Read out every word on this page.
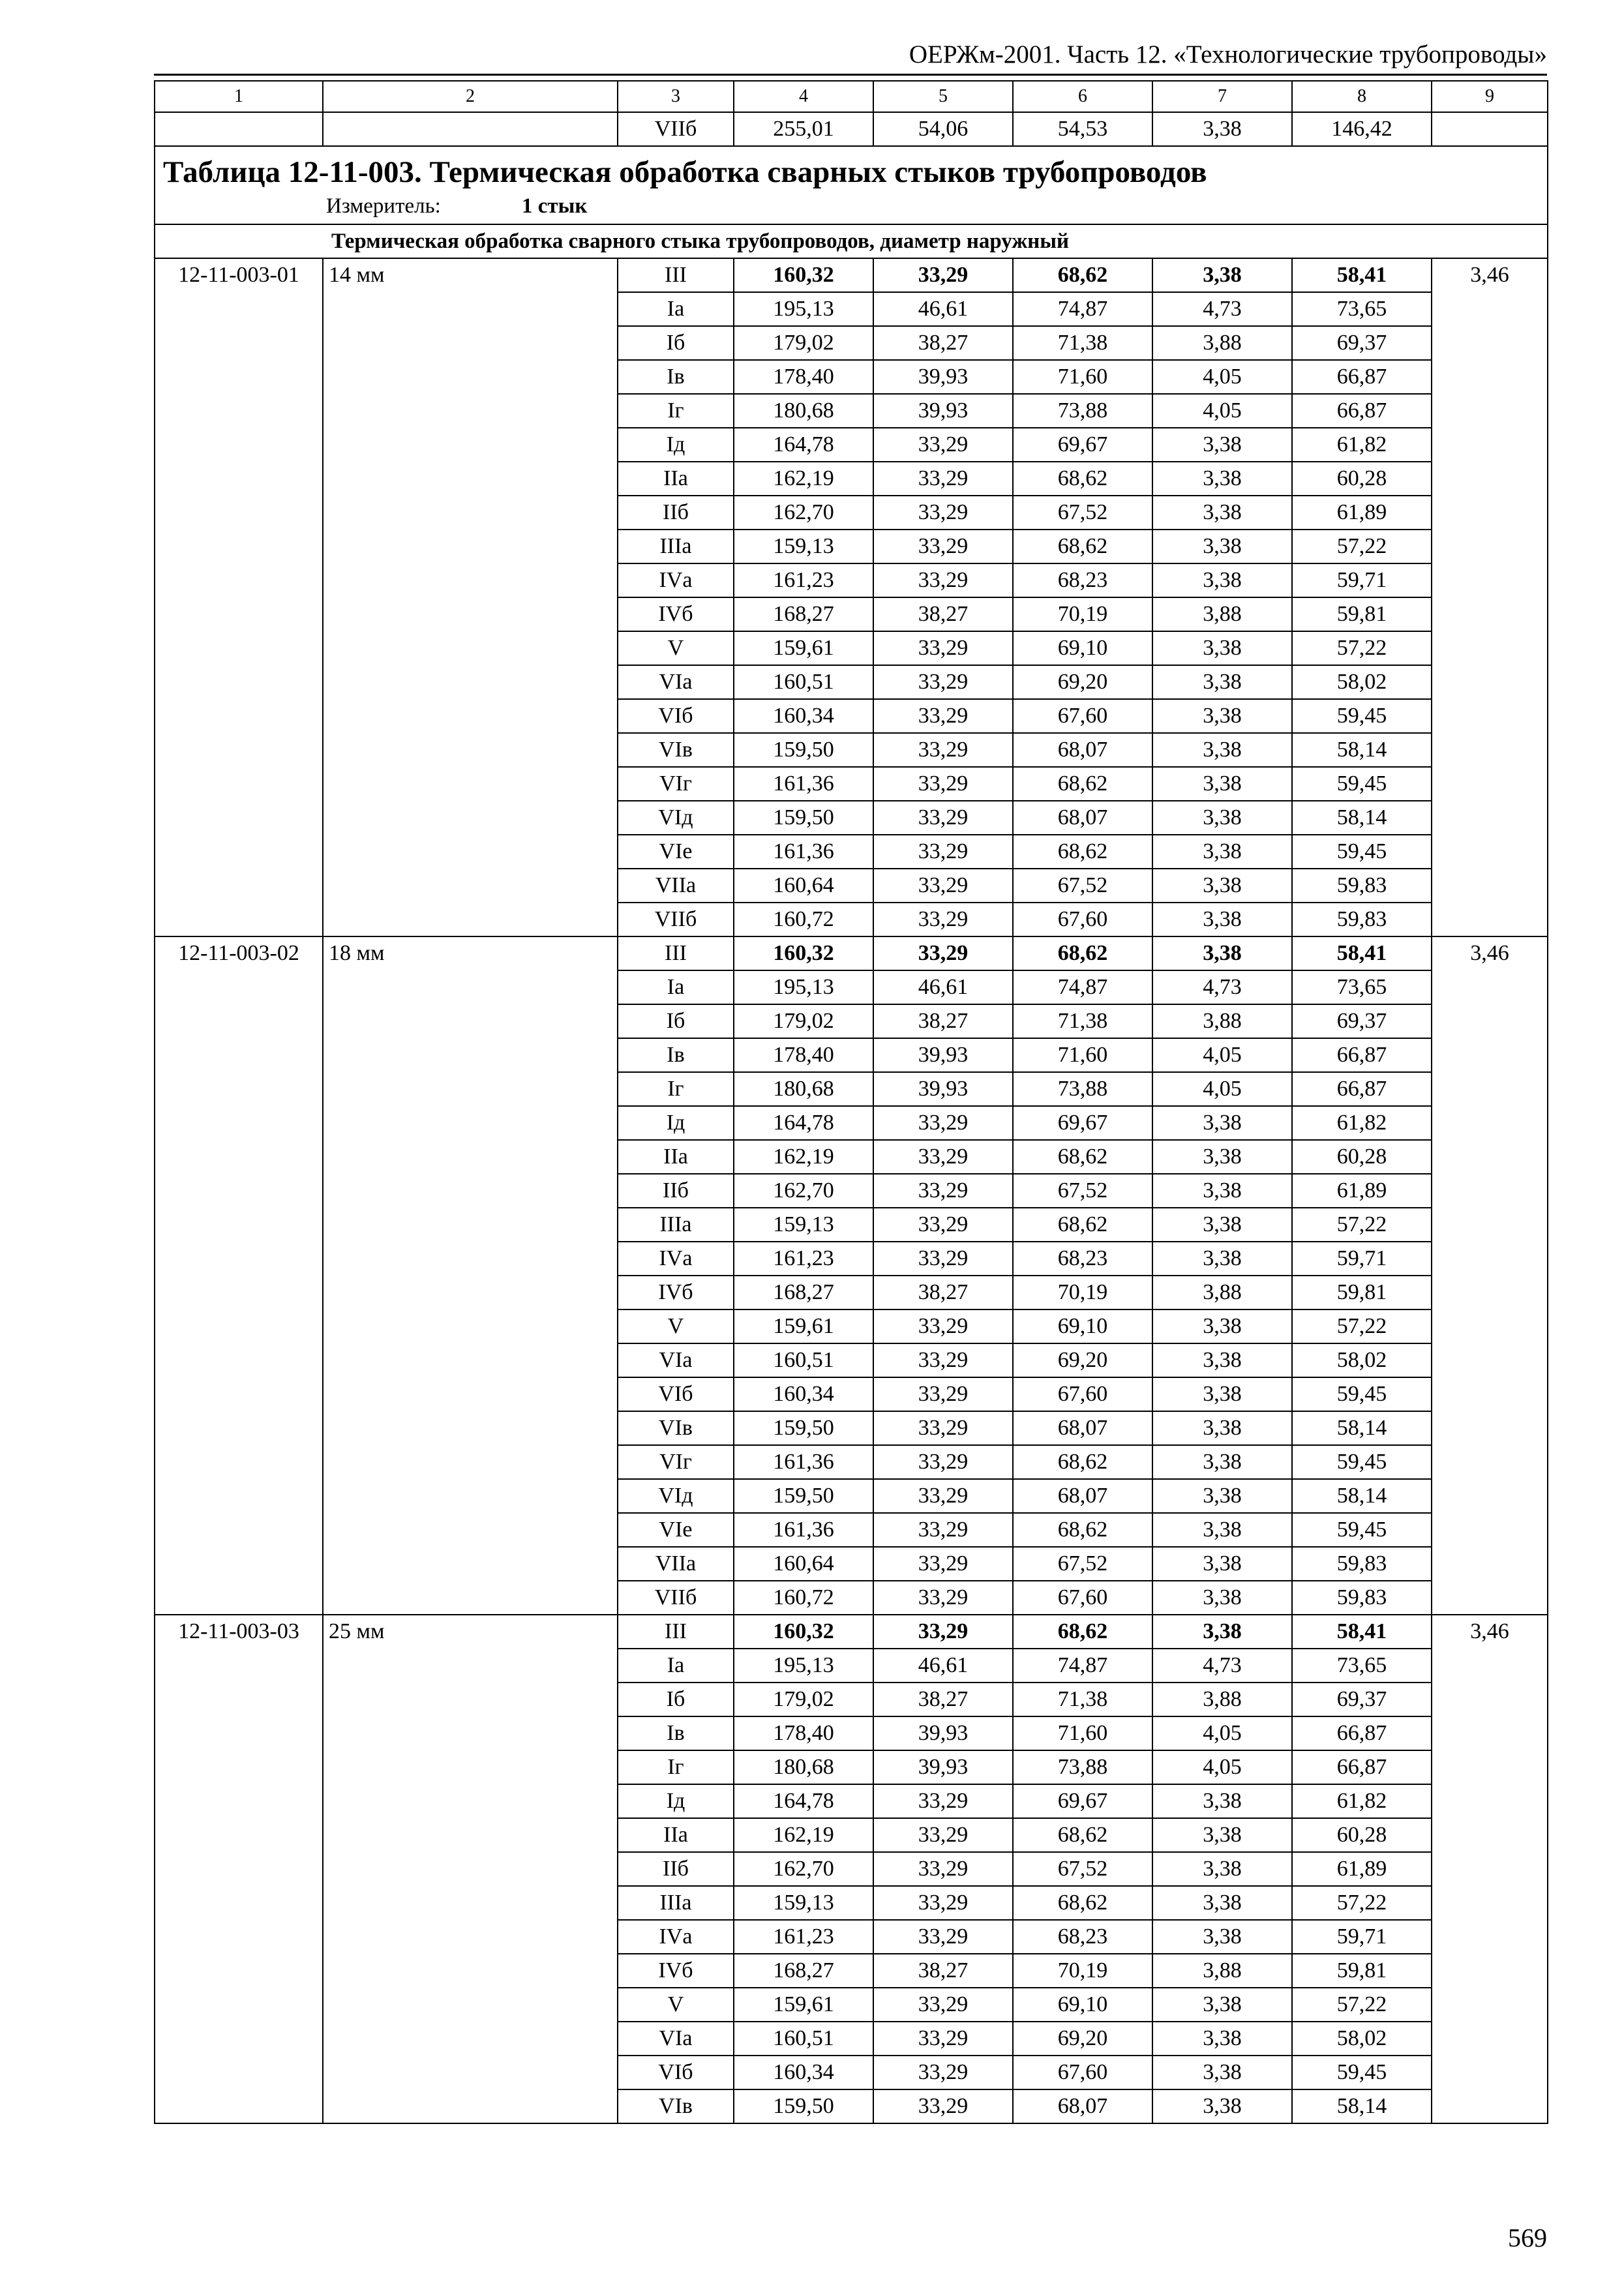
ОЕРЖм-2001. Часть 12. «Технологические трубопроводы»
1	2	3	4	5	6	7	8	9
		VIIб	255,01	54,06	54,53	3,38	146,42	

Таблица 12-11-003. Термическая обработка сварных стыков трубопроводов
Измеритель: 1 стык								

Термическая обработка сварного стыка трубопроводов, диаметр наружный								
12-11-003-01	14 мм	III	160,32	33,29	68,62	3,38	58,41	3,46
		Iа	195,13	46,61	74,87	4,73	73,65	
		Iб	179,02	38,27	71,38	3,88	69,37	
		Iв	178,40	39,93	71,60	4,05	66,87	
		Iг	180,68	39,93	73,88	4,05	66,87	
		Iд	164,78	33,29	69,67	3,38	61,82	
		IIа	162,19	33,29	68,62	3,38	60,28	
		IIб	162,70	33,29	67,52	3,38	61,89	
		IIIа	159,13	33,29	68,62	3,38	57,22	
		IVа	161,23	33,29	68,23	3,38	59,71	
		IVб	168,27	38,27	70,19	3,88	59,81	
		V	159,61	33,29	69,10	3,38	57,22	
		VIа	160,51	33,29	69,20	3,38	58,02	
		VIб	160,34	33,29	67,60	3,38	59,45	
		VIв	159,50	33,29	68,07	3,38	58,14	
		VIг	161,36	33,29	68,62	3,38	59,45	
		VIд	159,50	33,29	68,07	3,38	58,14	
		VIе	161,36	33,29	68,62	3,38	59,45	
		VIIа	160,64	33,29	67,52	3,38	59,83	
		VIIб	160,72	33,29	67,60	3,38	59,83	
12-11-003-02	18 мм	III	160,32	33,29	68,62	3,38	58,41	3,46
		Iа	195,13	46,61	74,87	4,73	73,65	
		Iб	179,02	38,27	71,38	3,88	69,37	
		Iв	178,40	39,93	71,60	4,05	66,87	
		Iг	180,68	39,93	73,88	4,05	66,87	
		Iд	164,78	33,29	69,67	3,38	61,82	
		IIа	162,19	33,29	68,62	3,38	60,28	
		IIб	162,70	33,29	67,52	3,38	61,89	
		IIIа	159,13	33,29	68,62	3,38	57,22	
		IVа	161,23	33,29	68,23	3,38	59,71	
		IVб	168,27	38,27	70,19	3,88	59,81	
		V	159,61	33,29	69,10	3,38	57,22	
		VIа	160,51	33,29	69,20	3,38	58,02	
		VIб	160,34	33,29	67,60	3,38	59,45	
		VIв	159,50	33,29	68,07	3,38	58,14	
		VIг	161,36	33,29	68,62	3,38	59,45	
		VIд	159,50	33,29	68,07	3,38	58,14	
		VIе	161,36	33,29	68,62	3,38	59,45	
		VIIа	160,64	33,29	67,52	3,38	59,83	
		VIIб	160,72	33,29	67,60	3,38	59,83	
12-11-003-03	25 мм	III	160,32	33,29	68,62	3,38	58,41	3,46
		Iа	195,13	46,61	74,87	4,73	73,65	
		Iб	179,02	38,27	71,38	3,88	69,37	
		Iв	178,40	39,93	71,60	4,05	66,87	
		Iг	180,68	39,93	73,88	4,05	66,87	
		Iд	164,78	33,29	69,67	3,38	61,82	
		IIа	162,19	33,29	68,62	3,38	60,28	
		IIб	162,70	33,29	67,52	3,38	61,89	
		IIIа	159,13	33,29	68,62	3,38	57,22	
		IVа	161,23	33,29	68,23	3,38	59,71	
		IVб	168,27	38,27	70,19	3,88	59,81	
		V	159,61	33,29	69,10	3,38	57,22	
		VIа	160,51	33,29	69,20	3,38	58,02	
		VIб	160,34	33,29	67,60	3,38	59,45	
		VIв	159,50	33,29	68,07	3,38	58,14	
569
